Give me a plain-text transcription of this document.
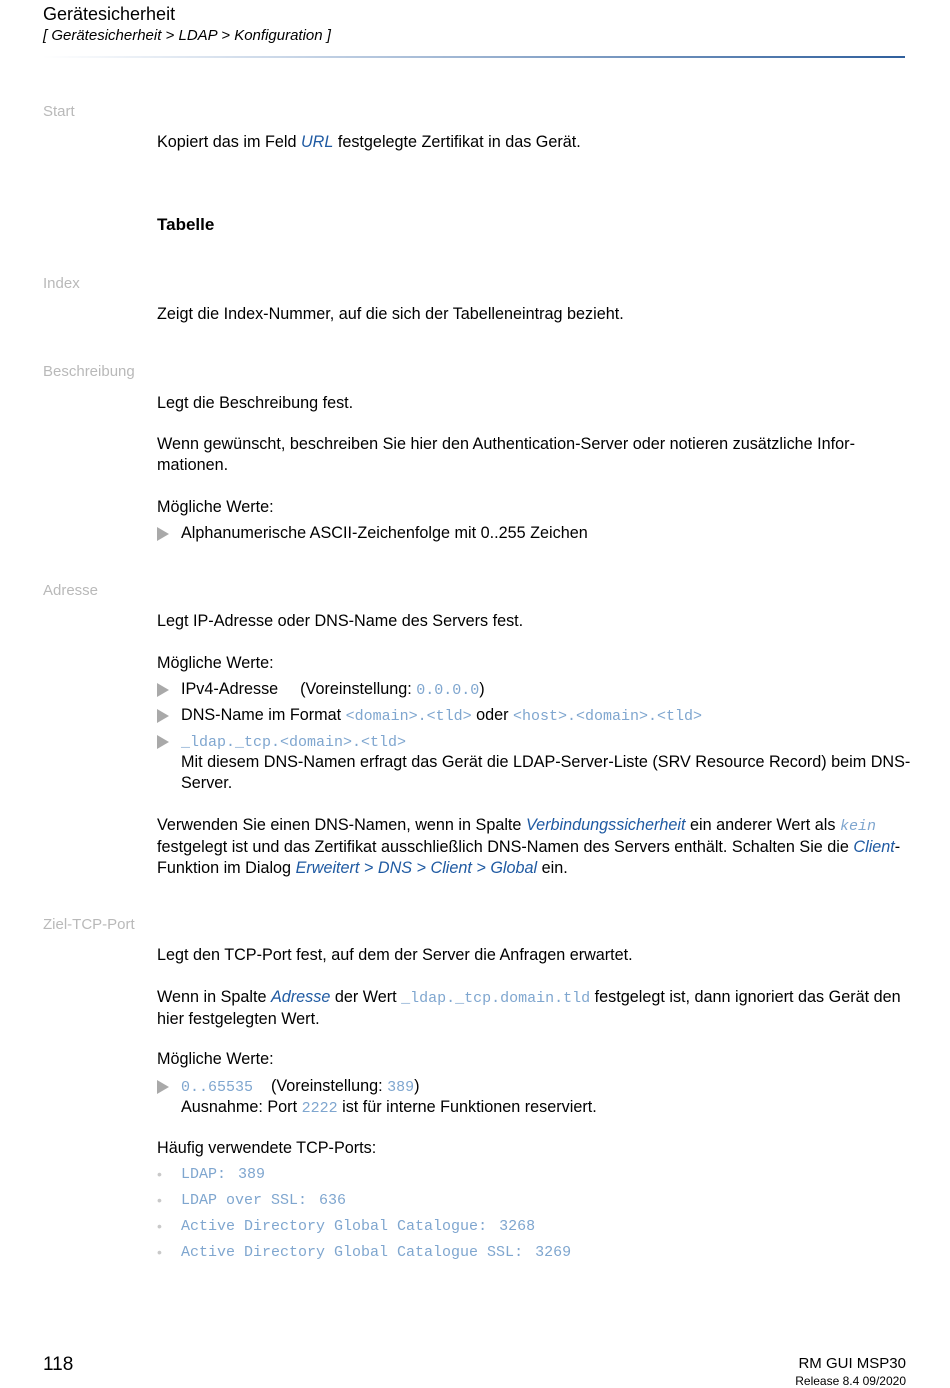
Gerätesicherheit
[ Gerätesicherheit > LDAP > Konfiguration ]
Start
Kopiert das im Feld URL festgelegte Zertifikat in das Gerät.
Tabelle
Index
Zeigt die Index-Nummer, auf die sich der Tabelleneintrag bezieht.
Beschreibung
Legt die Beschreibung fest.
Wenn gewünscht, beschreiben Sie hier den Authentication-Server oder notieren zusätzliche Infor-mationen.
Mögliche Werte:
Alphanumerische ASCII-Zeichenfolge mit 0..255 Zeichen
Adresse
Legt IP-Adresse oder DNS-Name des Servers fest.
Mögliche Werte:
IPv4-Adresse (Voreinstellung: 0.0.0.0)
DNS-Name im Format <domain>.<tld> oder <host>.<domain>.<tld>
_ldap._tcp.<domain>.<tld>
Mit diesem DNS-Namen erfragt das Gerät die LDAP-Server-Liste (SRV Resource Record) beim DNS-Server.
Verwenden Sie einen DNS-Namen, wenn in Spalte Verbindungssicherheit ein anderer Wert als kein festgelegt ist und das Zertifikat ausschließlich DNS-Namen des Servers enthält. Schalten Sie die Client-Funktion im Dialog Erweitert > DNS > Client > Global ein.
Ziel-TCP-Port
Legt den TCP-Port fest, auf dem der Server die Anfragen erwartet.
Wenn in Spalte Adresse der Wert _ldap._tcp.domain.tld festgelegt ist, dann ignoriert das Gerät den hier festgelegten Wert.
Mögliche Werte:
0..65535 (Voreinstellung: 389)
Ausnahme: Port 2222 ist für interne Funktionen reserviert.
Häufig verwendete TCP-Ports:
• LDAP: 389
• LDAP over SSL: 636
• Active Directory Global Catalogue: 3268
• Active Directory Global Catalogue SSL: 3269
118	RM GUI MSP30
Release 8.4 09/2020
